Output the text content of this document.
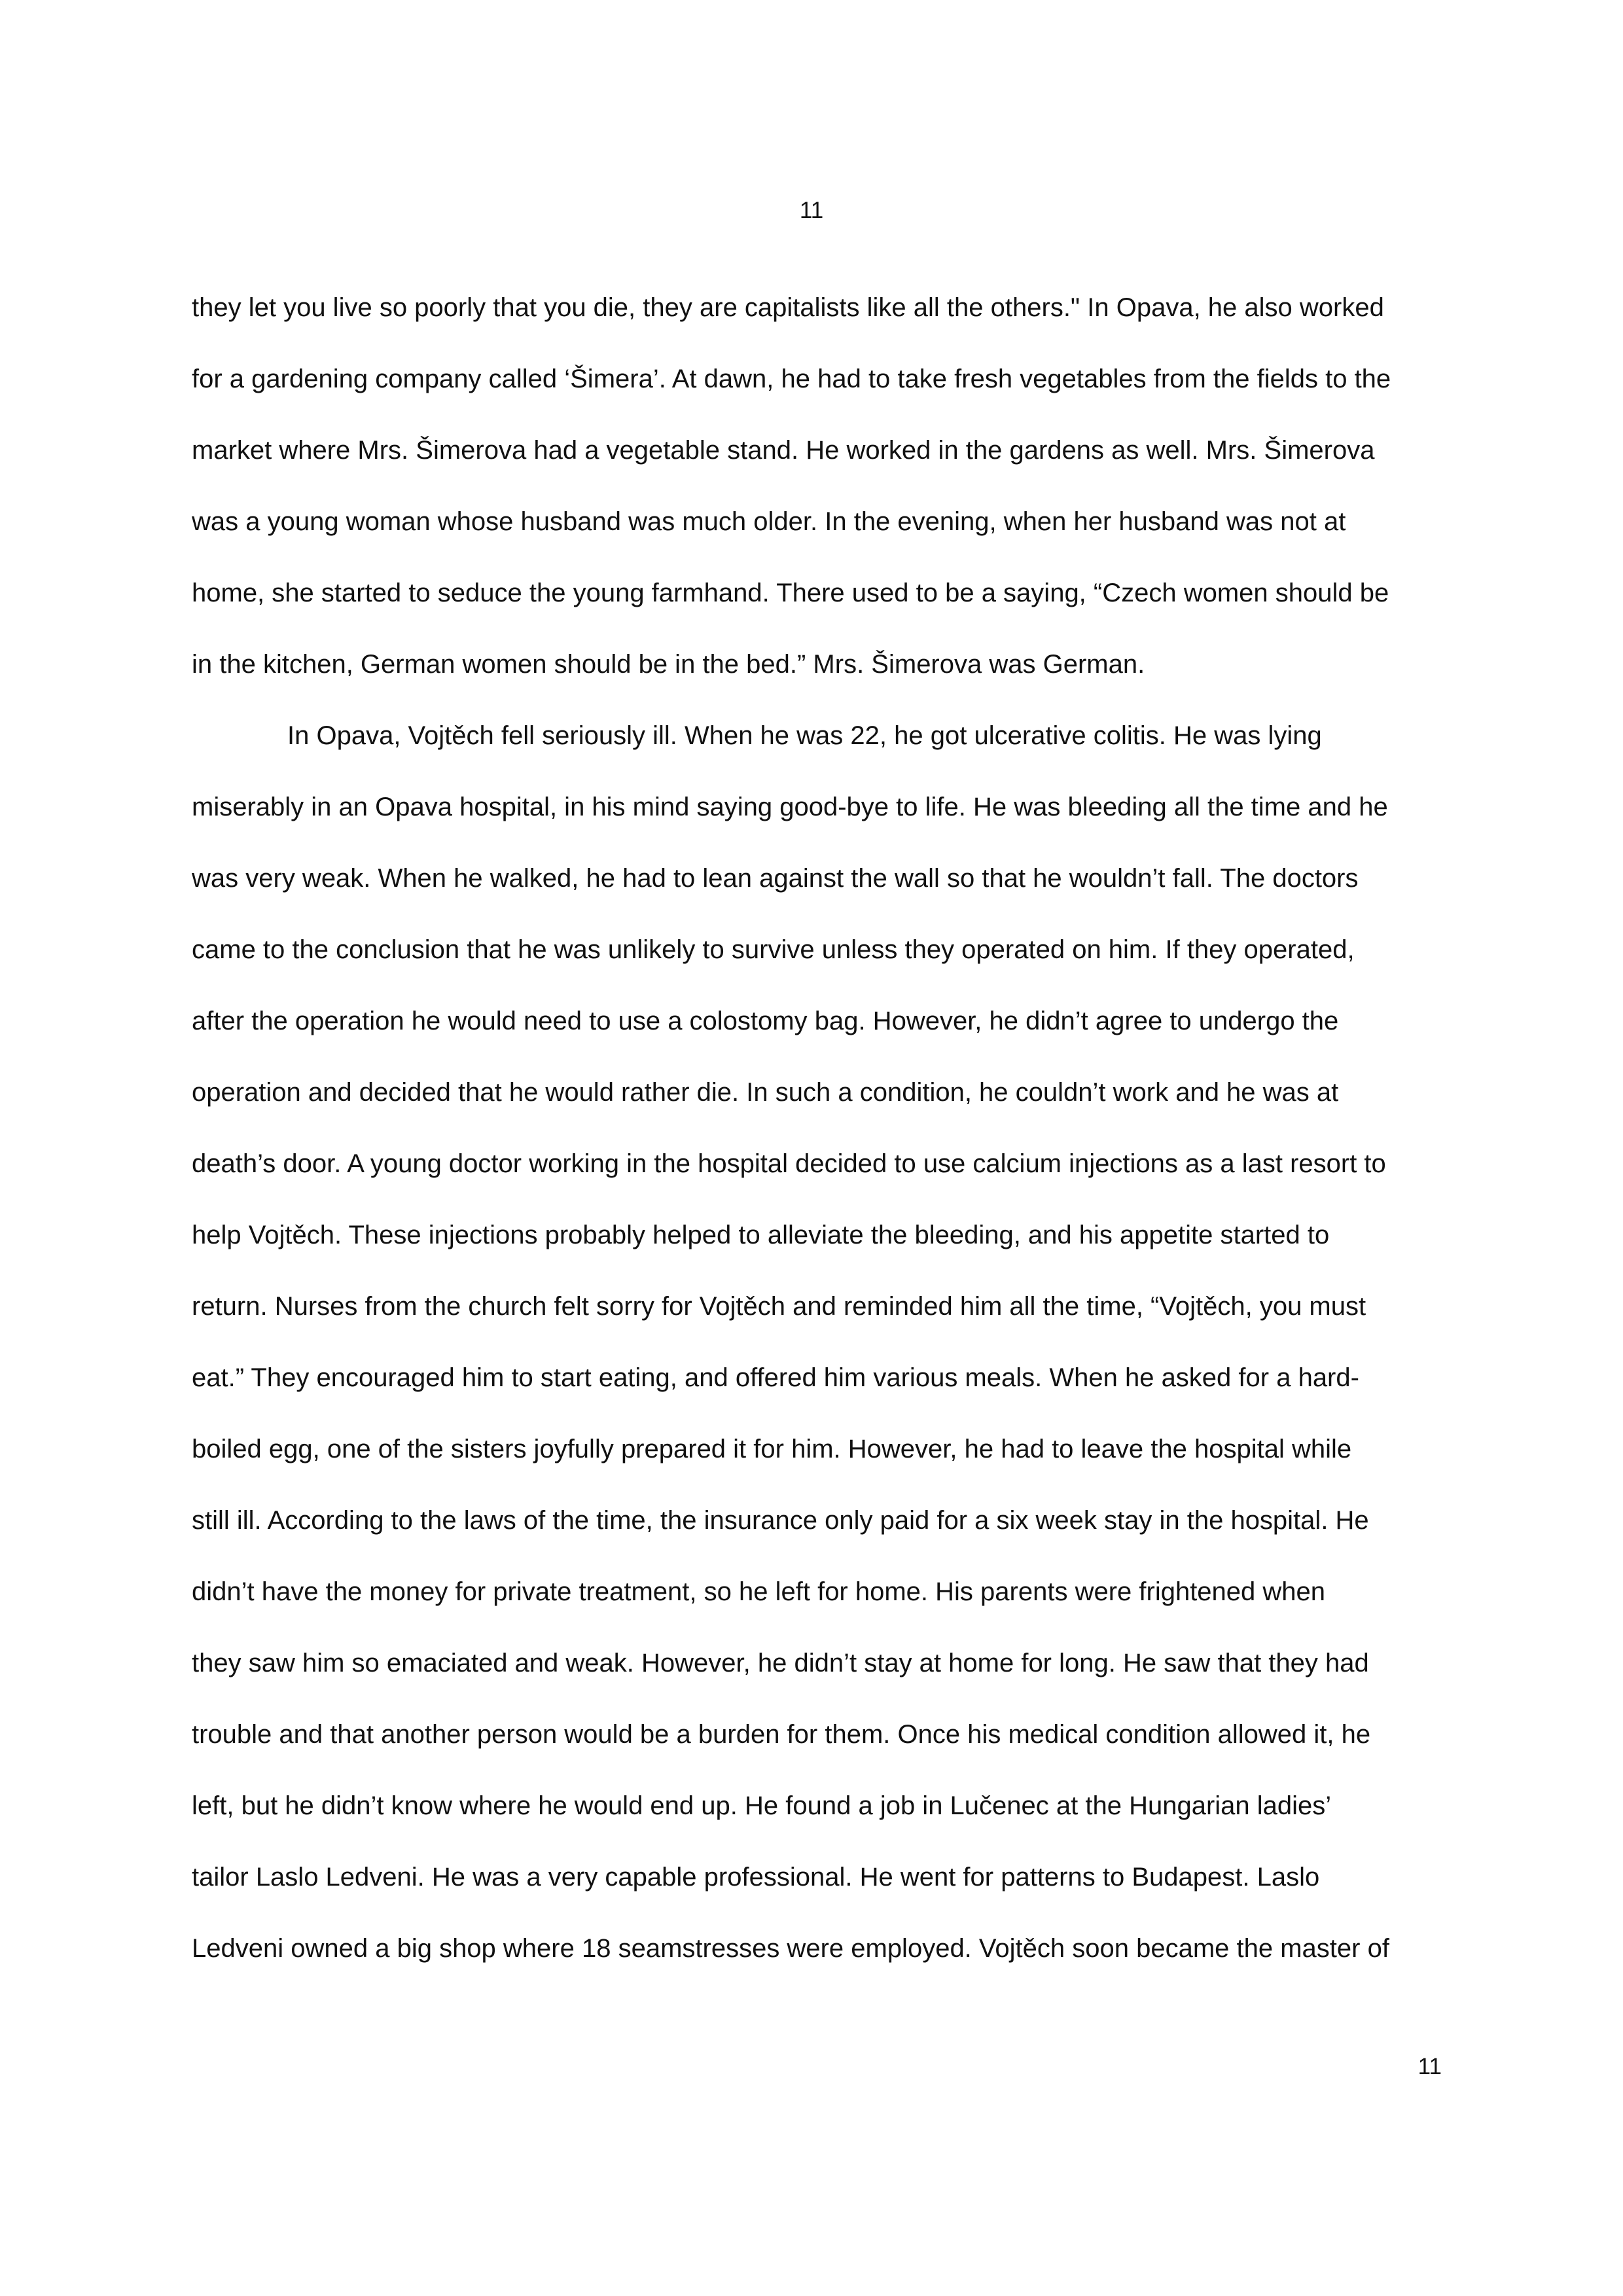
11
they let you live so poorly that you die, they are capitalists like all the others." In Opava, he also worked
for a gardening company called ‘Šimera’. At dawn, he had to take fresh vegetables from the fields to the
market where Mrs. Šimerova had a vegetable stand. He worked in the gardens as well. Mrs. Šimerova
was a young woman whose husband was much older. In the evening, when her husband was not at
home, she started to seduce the young farmhand. There used to be a saying, “Czech women should be
in the kitchen, German women should be in the bed.” Mrs. Šimerova was German.
In Opava, Vojtěch fell seriously ill. When he was 22, he got ulcerative colitis. He was lying
miserably in an Opava hospital, in his mind saying good-bye to life. He was bleeding all the time and he
was very weak. When he walked, he had to lean against the wall so that he wouldn’t fall. The doctors
came to the conclusion that he was unlikely to survive unless they operated on him. If they operated,
after the operation he would need to use a colostomy bag. However, he didn’t agree to undergo the
operation and decided that he would rather die. In such a condition, he couldn’t work and he was at
death’s door. A young doctor working in the hospital decided to use calcium injections as a last resort to
help Vojtěch. These injections probably helped to alleviate the bleeding, and his appetite started to
return. Nurses from the church felt sorry for Vojtěch and reminded him all the time, “Vojtěch, you must
eat.” They encouraged him to start eating, and offered him various meals. When he asked for a hard-
boiled egg, one of the sisters joyfully prepared it for him. However, he had to leave the hospital while
still ill. According to the laws of the time, the insurance only paid for a six week stay in the hospital. He
didn’t have the money for private treatment, so he left for home. His parents were frightened when
they saw him so emaciated and weak. However, he didn’t stay at home for long. He saw that they had
trouble and that another person would be a burden for them. Once his medical condition allowed it, he
left, but he didn’t know where he would end up. He found a job in Lučenec at the Hungarian ladies’
tailor Laslo Ledveni. He was a very capable professional. He went for patterns to Budapest. Laslo
Ledveni owned a big shop where 18 seamstresses were employed. Vojtěch soon became the master of
11
